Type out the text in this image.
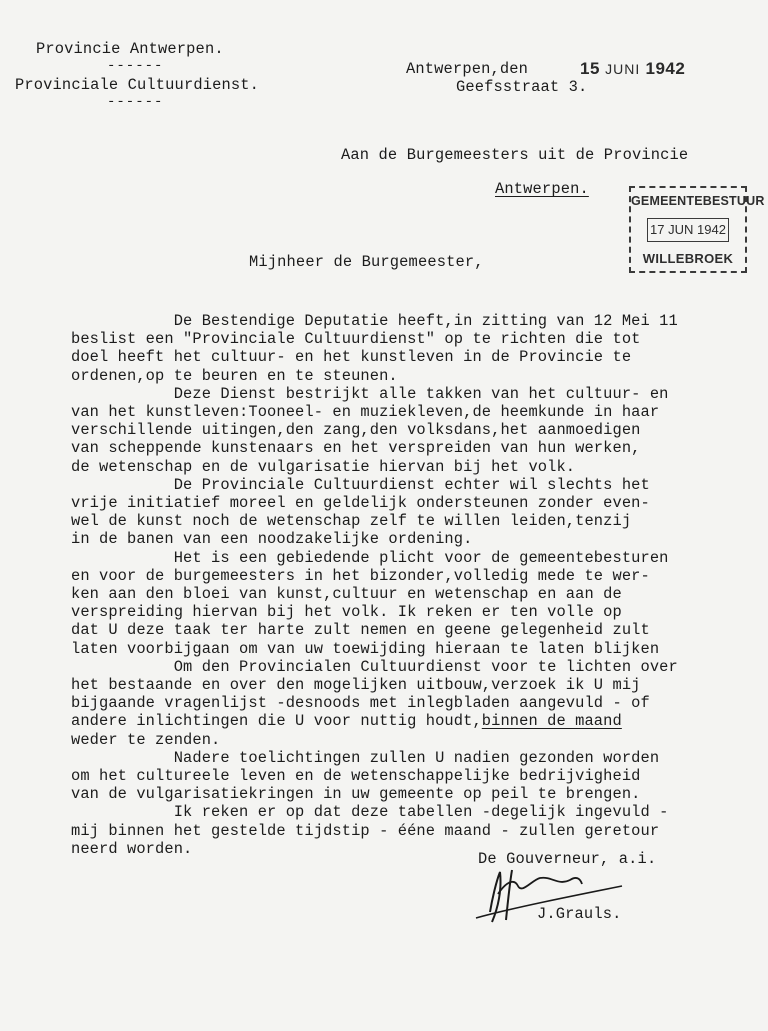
Provincie Antwerpen.
------
Provinciale Cultuurdienst.
------
Antwerpen,den	15 JUNI 1942
Geefsstraat 3.
Aan de Burgemeesters uit de Provincie
Antwerpen.
GEMEENTEBESTUUR
17 JUN 1942
WILLEBROEK
Mijnheer de Burgemeester,
De Bestendige Deputatie heeft,in zitting van 12 Mei 11
beslist een "Provinciale Cultuurdienst" op te richten die tot
doel heeft het cultuur- en het kunstleven in de Provincie te
ordenen,op te beuren en te steunen.
Deze Dienst bestrijkt alle takken van het cultuur- en
van het kunstleven:Tooneel- en muziekleven,de heemkunde in haar
verschillende uitingen,den zang,den volksdans,het aanmoedigen
van scheppende kunstenaars en het verspreiden van hun werken,
de wetenschap en de vulgarisatie hiervan bij het volk.
De Provinciale Cultuurdienst echter wil slechts het
vrije initiatief moreel en geldelijk ondersteunen zonder even-
wel de kunst noch de wetenschap zelf te willen leiden,tenzij
in de banen van een noodzakelijke ordening.
Het is een gebiedende plicht voor de gemeentebesturen
en voor de burgemeesters in het bizonder,volledig mede te wer-
ken aan den bloei van kunst,cultuur en wetenschap en aan de
verspreiding hiervan bij het volk. Ik reken er ten volle op
dat U deze taak ter harte zult nemen en geene gelegenheid zult
laten voorbijgaan om van uw toewijding hieraan te laten blijken
Om den Provincialen Cultuurdienst voor te lichten over
het bestaande en over den mogelijken uitbouw,verzoek ik U mij
bijgaande vragenlijst -desnoods met inlegbladen aangevuld - of
andere inlichtingen die U voor nuttig houdt,binnen de maand
weder te zenden.
Nadere toelichtingen zullen U nadien gezonden worden
om het cultureele leven en de wetenschappelijke bedrijvigheid
van de vulgarisatiekringen in uw gemeente op peil te brengen.
Ik reken er op dat deze tabellen -degelijk ingevuld -
mij binnen het gestelde tijdstip - ééne maand - zullen geretour
neerd worden.
De Gouverneur, a.i.
J.Grauls.
